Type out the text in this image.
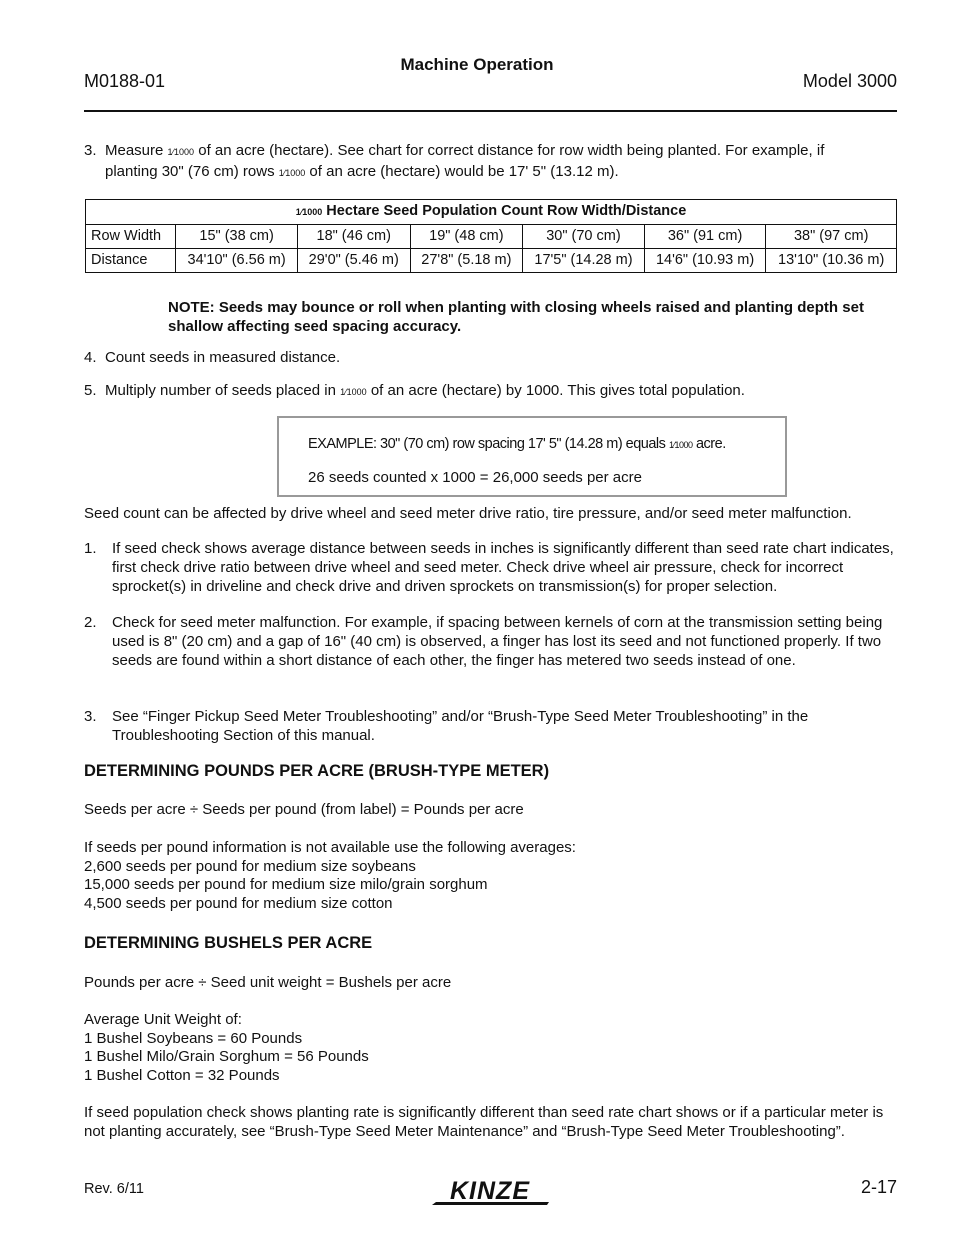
M0188-01
Machine Operation
Model 3000
3. Measure 1⁄1000 of an acre (hectare). See chart for correct distance for row width being planted. For example, if
planting 30" (76 cm) rows 1⁄1000 of an acre (hectare) would be 17' 5" (13.12 m).
1⁄1000 Hectare Seed Population Count Row Width/Distance						
Row Width	15" (38 cm)	18" (46 cm)	19" (48 cm)	30" (70 cm)	36" (91 cm)	38" (97 cm)
Distance	34'10" (6.56 m)	29'0" (5.46 m)	27'8" (5.18 m)	17'5" (14.28 m)	14'6" (10.93 m)	13'10" (10.36 m)
NOTE: Seeds may bounce or roll when planting with closing wheels raised and planting depth set shallow affecting seed spacing accuracy.
4. Count seeds in measured distance.
5. Multiply number of seeds placed in 1⁄1000 of an acre (hectare) by 1000. This gives total population.
EXAMPLE: 30" (70 cm) row spacing 17' 5" (14.28 m) equals 1⁄1000 acre.
26 seeds counted x 1000 = 26,000 seeds per acre
Seed count can be affected by drive wheel and seed meter drive ratio, tire pressure, and/or seed meter malfunction.
1. If seed check shows average distance between seeds in inches is significantly different than seed rate chart indicates, first check drive ratio between drive wheel and seed meter. Check drive wheel air pressure, check for incorrect sprocket(s) in driveline and check drive and driven sprockets on transmission(s) for proper selection.
2. Check for seed meter malfunction. For example, if spacing between kernels of corn at the transmission setting being used is 8" (20 cm) and a gap of 16" (40 cm) is observed, a finger has lost its seed and not functioned properly. If two seeds are found within a short distance of each other, the finger has metered two seeds instead of one.
3. See “Finger Pickup Seed Meter Troubleshooting” and/or “Brush-Type Seed Meter Troubleshooting” in the Troubleshooting Section of this manual.
DETERMINING POUNDS PER ACRE (BRUSH-TYPE METER)
Seeds per acre ÷ Seeds per pound (from label) = Pounds per acre
If seeds per pound information is not available use the following averages:
2,600 seeds per pound for medium size soybeans
15,000 seeds per pound for medium size milo/grain sorghum
4,500 seeds per pound for medium size cotton
DETERMINING BUSHELS PER ACRE
Pounds per acre ÷ Seed unit weight = Bushels per acre
Average Unit Weight of:
1 Bushel Soybeans = 60 Pounds
1 Bushel Milo/Grain Sorghum = 56 Pounds
1 Bushel Cotton = 32 Pounds
If seed population check shows planting rate is significantly different than seed rate chart shows or if a particular meter is not planting accurately, see “Brush-Type Seed Meter Maintenance” and “Brush-Type Seed Meter Troubleshooting”.
Rev. 6/11	KINZE	2-17
